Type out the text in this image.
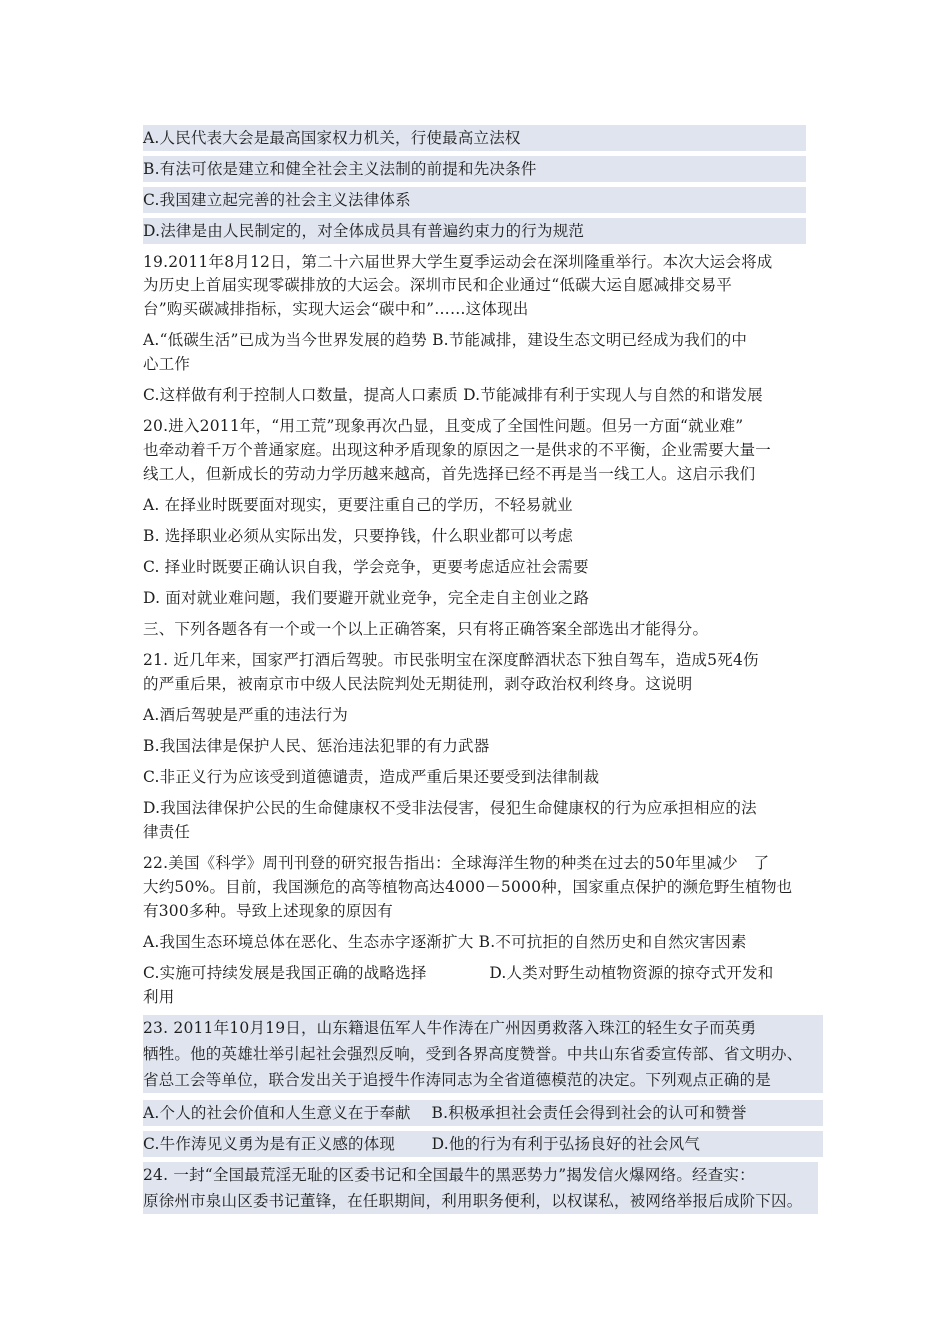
A.人民代表大会是最高国家权力机关，行使最高立法权
B.有法可依是建立和健全社会主义法制的前提和先决条件
C.我国建立起完善的社会主义法律体系
D.法律是由人民制定的，对全体成员具有普遍约束力的行为规范
19.2011年8月12日，第二十六届世界大学生夏季运动会在深圳隆重举行。本次大运会将成
为历史上首届实现零碳排放的大运会。深圳市民和企业通过“低碳大运自愿减排交易平
台”购买碳减排指标，实现大运会“碳中和”……这体现出
A.“低碳生活”已成为当今世界发展的趋势 B.节能减排，建设生态文明已经成为我们的中
心工作
C.这样做有利于控制人口数量，提高人口素质 D.节能减排有利于实现人与自然的和谐发展
20.进入2011年，“用工荒”现象再次凸显，且变成了全国性问题。但另一方面“就业难”
也牵动着千万个普通家庭。出现这种矛盾现象的原因之一是供求的不平衡，企业需要大量一
线工人，但新成长的劳动力学历越来越高，首先选择已经不再是当一线工人。这启示我们
A. 在择业时既要面对现实，更要注重自己的学历，不轻易就业
B. 选择职业必须从实际出发，只要挣钱，什么职业都可以考虑
C. 择业时既要正确认识自我，学会竞争，更要考虑适应社会需要
D. 面对就业难问题，我们要避开就业竞争，完全走自主创业之路
三、下列各题各有一个或一个以上正确答案，只有将正确答案全部选出才能得分。
21. 近几年来，国家严打酒后驾驶。市民张明宝在深度醉酒状态下独自驾车，造成5死4伤
的严重后果，被南京市中级人民法院判处无期徒刑，剥夺政治权利终身。这说明
A.酒后驾驶是严重的违法行为
B.我国法律是保护人民、惩治违法犯罪的有力武器
C.非正义行为应该受到道德谴责，造成严重后果还要受到法律制裁
D.我国法律保护公民的生命健康权不受非法侵害，侵犯生命健康权的行为应承担相应的法
律责任
22.美国《科学》周刊刊登的研究报告指出：全球海洋生物的种类在过去的50年里减少　了
大约50%。目前，我国濒危的高等植物高达4000－5000种，国家重点保护的濒危野生植物也
有300多种。导致上述现象的原因有
A.我国生态环境总体在恶化、生态赤字逐渐扩大 B.不可抗拒的自然历史和自然灾害因素
C.实施可持续发展是我国正确的战略选择　　　　D.人类对野生动植物资源的掠夺式开发和
利用
23. 2011年10月19日，山东籍退伍军人牛作涛在广州因勇救落入珠江的轻生女子而英勇
牺牲。他的英雄壮举引起社会强烈反响，受到各界高度赞誉。中共山东省委宣传部、省文明办、
省总工会等单位，联合发出关于追授牛作涛同志为全省道德模范的决定。下列观点正确的是
A.个人的社会价值和人生意义在于奉献　 B.积极承担社会责任会得到社会的认可和赞誉
C.牛作涛见义勇为是有正义感的体现　　 D.他的行为有利于弘扬良好的社会风气
24. 一封“全国最荒淫无耻的区委书记和全国最牛的黑恶势力”揭发信火爆网络。经查实：
原徐州市泉山区委书记董锋，在任职期间，利用职务便利，以权谋私，被网络举报后成阶下囚。
